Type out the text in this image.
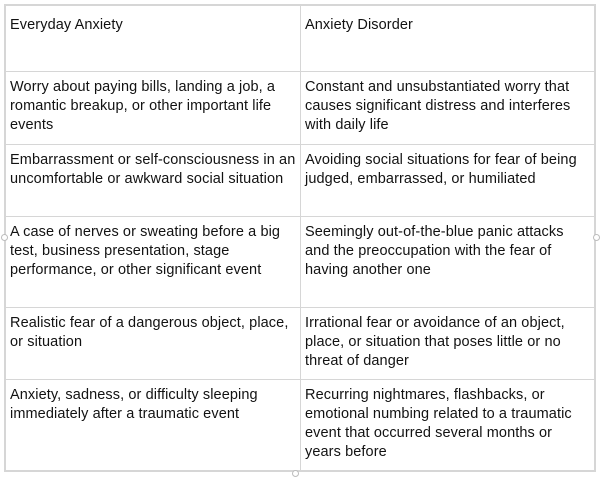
Everyday Anxiety	Anxiety Disorder

Worry about paying bills, landing a job, a romantic breakup, or other important life events	Constant and unsubstantiated worry that causes significant distress and interferes with daily life
Embarrassment or self-consciousness in an uncomfortable or awkward social situation	Avoiding social situations for fear of being judged, embarrassed, or humiliated
A case of nerves or sweating before a big test, business presentation, stage performance, or other significant event	Seemingly out-of-the-blue panic attacks and the preoccupation with the fear of having another one
Realistic fear of a dangerous object, place, or situation	Irrational fear or avoidance of an object, place, or situation that poses little or no threat of danger
Anxiety, sadness, or difficulty sleeping immediately after a traumatic event	Recurring nightmares, flashbacks, or emotional numbing related to a traumatic event that occurred several months or years before
